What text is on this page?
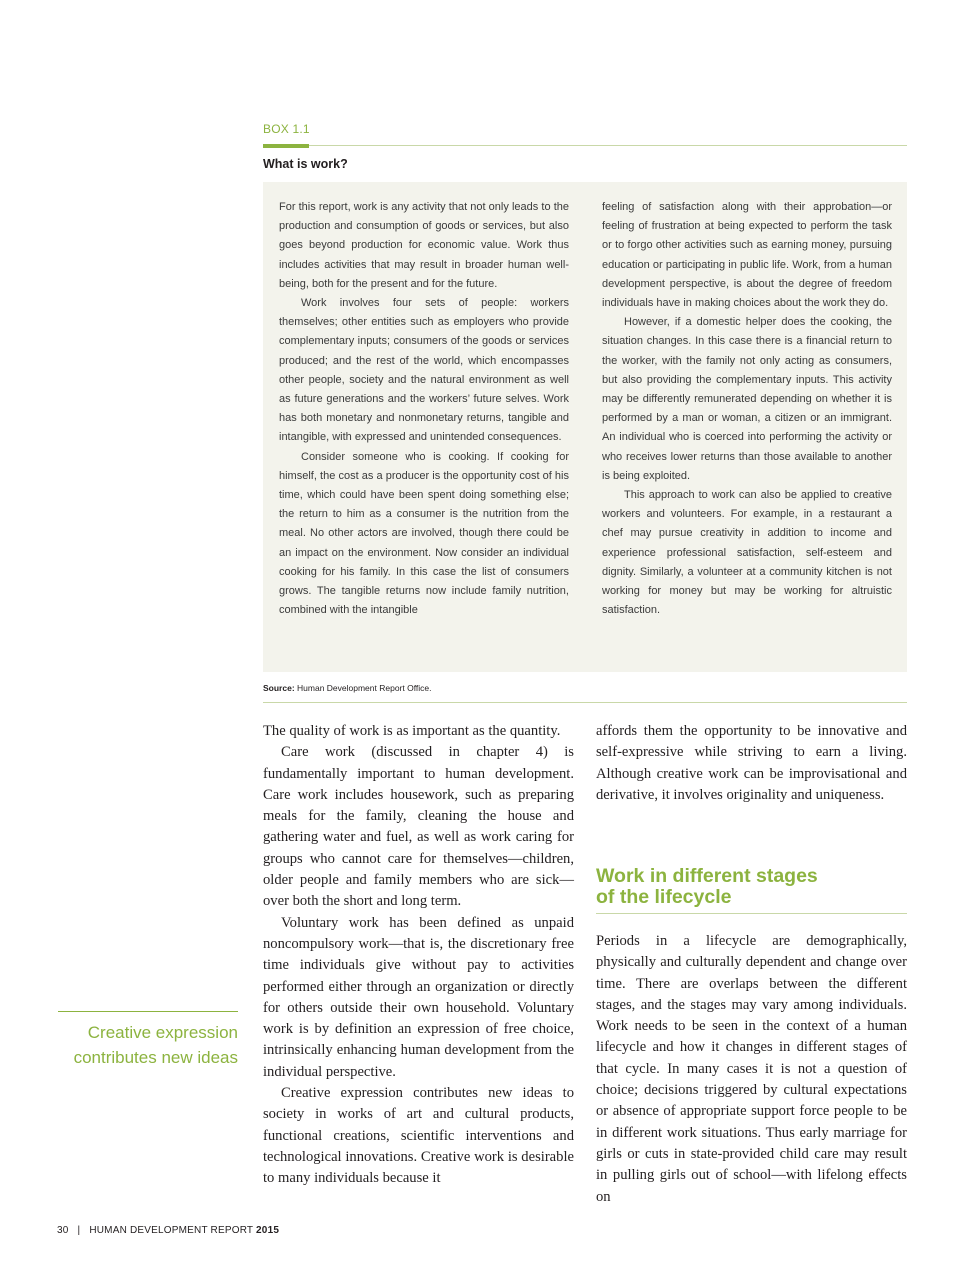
BOX 1.1
What is work?

For this report, work is any activity that not only leads to the production and consumption of goods or services, but also goes beyond production for economic value. Work thus includes activities that may result in broader human well-being, both for the present and for the future.

Work involves four sets of people: workers themselves; other entities such as employers who provide complementary inputs; consumers of the goods or services produced; and the rest of the world, which encompasses other people, society and the natural environment as well as future generations and the workers’ future selves. Work has both monetary and nonmonetary returns, tangible and intangible, with expressed and unintended consequences.

Consider someone who is cooking. If cooking for himself, the cost as a producer is the opportunity cost of his time, which could have been spent doing something else; the return to him as a consumer is the nutrition from the meal. No other actors are involved, though there could be an impact on the environment. Now consider an individual cooking for his family. In this case the list of consumers grows. The tangible returns now include family nutrition, combined with the intangible

feeling of satisfaction along with their approbation—or feeling of frustration at being expected to perform the task or to forgo other activities such as earning money, pursuing education or participating in public life. Work, from a human development perspective, is about the degree of freedom individuals have in making choices about the work they do.

However, if a domestic helper does the cooking, the situation changes. In this case there is a financial return to the worker, with the family not only acting as consumers, but also providing the complementary inputs. This activity may be differently remunerated depending on whether it is performed by a man or woman, a citizen or an immigrant. An individual who is coerced into performing the activity or who receives lower returns than those available to another is being exploited.

This approach to work can also be applied to creative workers and volunteers. For example, in a restaurant a chef may pursue creativity in addition to income and experience professional satisfaction, self-esteem and dignity. Similarly, a volunteer at a community kitchen is not working for money but may be working for altruistic satisfaction.

Source: Human Development Report Office.

The quality of work is as important as the quantity.

Care work (discussed in chapter 4) is fundamentally important to human development. Care work includes housework, such as preparing meals for the family, cleaning the house and gathering water and fuel, as well as work caring for groups who cannot care for themselves—children, older people and family members who are sick—over both the short and long term.

Voluntary work has been defined as unpaid noncompulsory work—that is, the discretionary free time individuals give without pay to activities performed either through an organization or directly for others outside their own household. Voluntary work is by definition an expression of free choice, intrinsically enhancing human development from the individual perspective.

Creative expression contributes new ideas to society in works of art and cultural products, functional creations, scientific interventions and technological innovations. Creative work is desirable to many individuals because it

affords them the opportunity to be innovative and self-expressive while striving to earn a living. Although creative work can be improvisational and derivative, it involves originality and uniqueness.

Work in different stages
of the lifecycle

Periods in a lifecycle are demographically, physically and culturally dependent and change over time. There are overlaps between the different stages, and the stages may vary among individuals. Work needs to be seen in the context of a human lifecycle and how it changes in different stages of that cycle. In many cases it is not a question of choice; decisions triggered by cultural expectations or absence of appropriate support force people to be in different work situations. Thus early marriage for girls or cuts in state-provided child care may result in pulling girls out of school—with lifelong effects on

Creative expression
contributes new ideas
30 | HUMAN DEVELOPMENT REPORT 2015
